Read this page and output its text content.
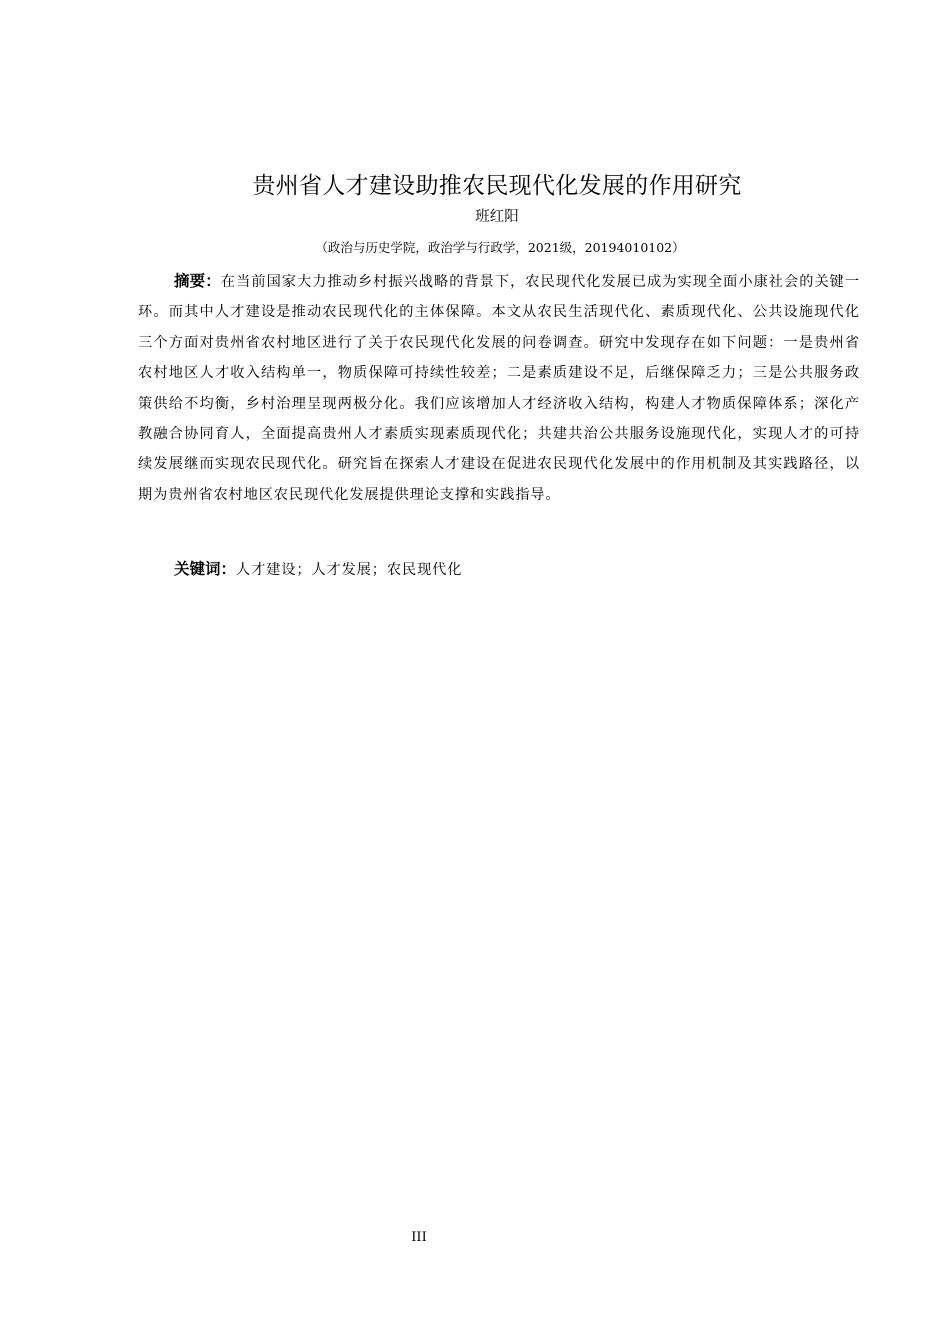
贵州省人才建设助推农民现代化发展的作用研究
班红阳
（政治与历史学院，政治学与行政学，2021级，20194010102）
摘要：在当前国家大力推动乡村振兴战略的背景下，农民现代化发展已成为实现全面小康社会的关键一环。而其中人才建设是推动农民现代化的主体保障。本文从农民生活现代化、素质现代化、公共设施现代化三个方面对贵州省农村地区进行了关于农民现代化发展的问卷调查。研究中发现存在如下问题：一是贵州省农村地区人才收入结构单一，物质保障可持续性较差；二是素质建设不足，后继保障乏力；三是公共服务政策供给不均衡，乡村治理呈现两极分化。我们应该增加人才经济收入结构，构建人才物质保障体系；深化产教融合协同育人，全面提高贵州人才素质实现素质现代化；共建共治公共服务设施现代化，实现人才的可持续发展继而实现农民现代化。研究旨在探索人才建设在促进农民现代化发展中的作用机制及其实践路径，以期为贵州省农村地区农民现代化发展提供理论支撑和实践指导。
关键词：人才建设；人才发展；农民现代化
III
